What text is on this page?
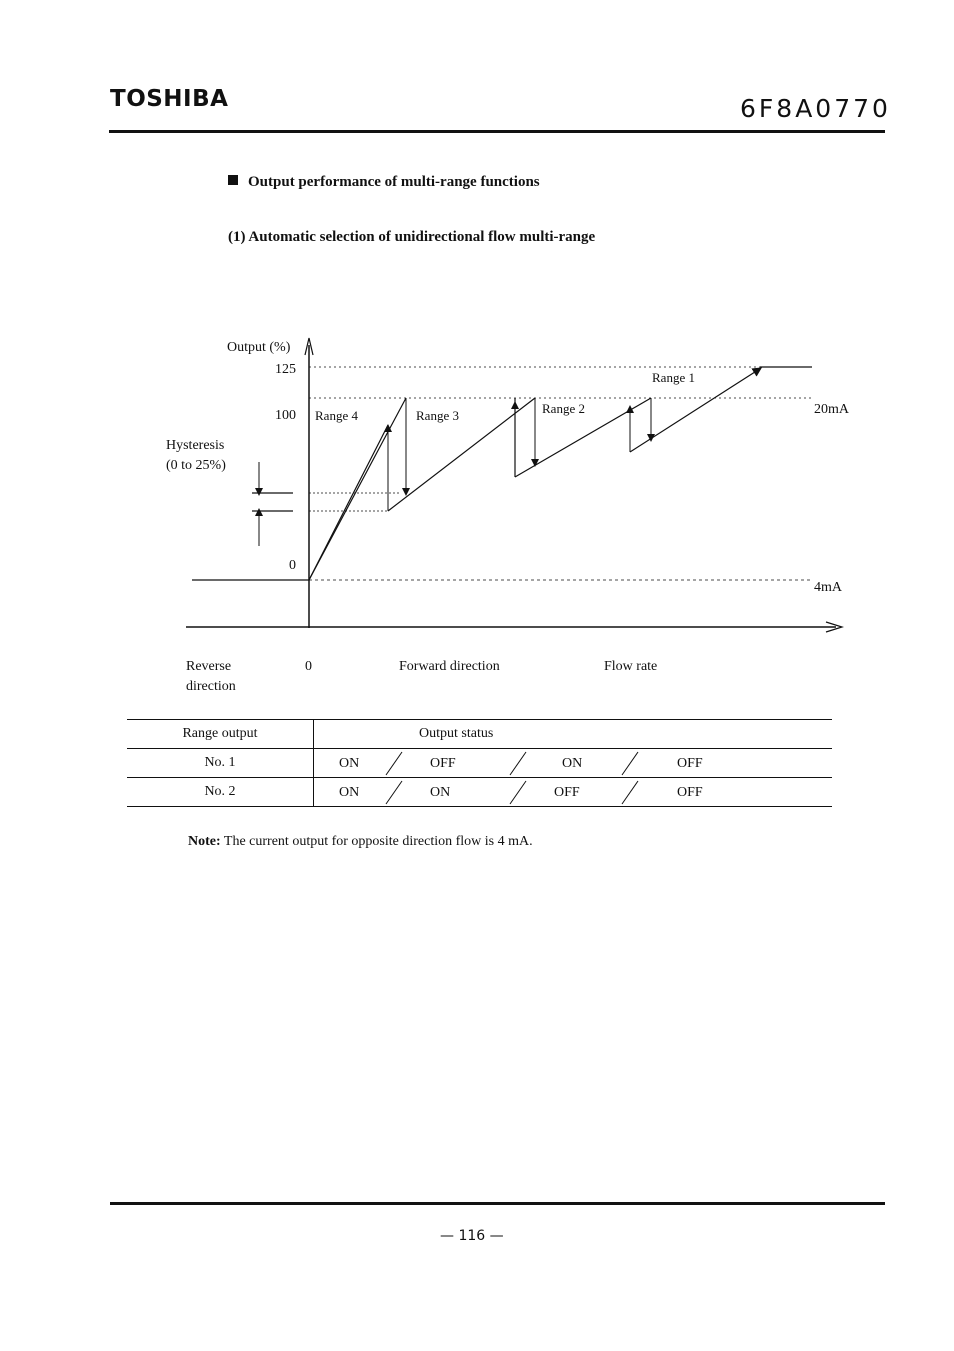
TOSHIBA	6F8A0770
Output performance of multi-range functions
(1) Automatic selection of unidirectional flow multi-range
Output (%)
125
100
0
Hysteresis
(0 to 25%)
20mA
4mA
Range 4	Range 3	Range 2
Range 1
Reverse
direction
0	Forward direction	Flow rate
Range output	Output status

No. 1	ON OFF ON OFF

No. 2	ON ON OFF OFF
Note: The current output for opposite direction flow is 4 mA.
— 116 —
